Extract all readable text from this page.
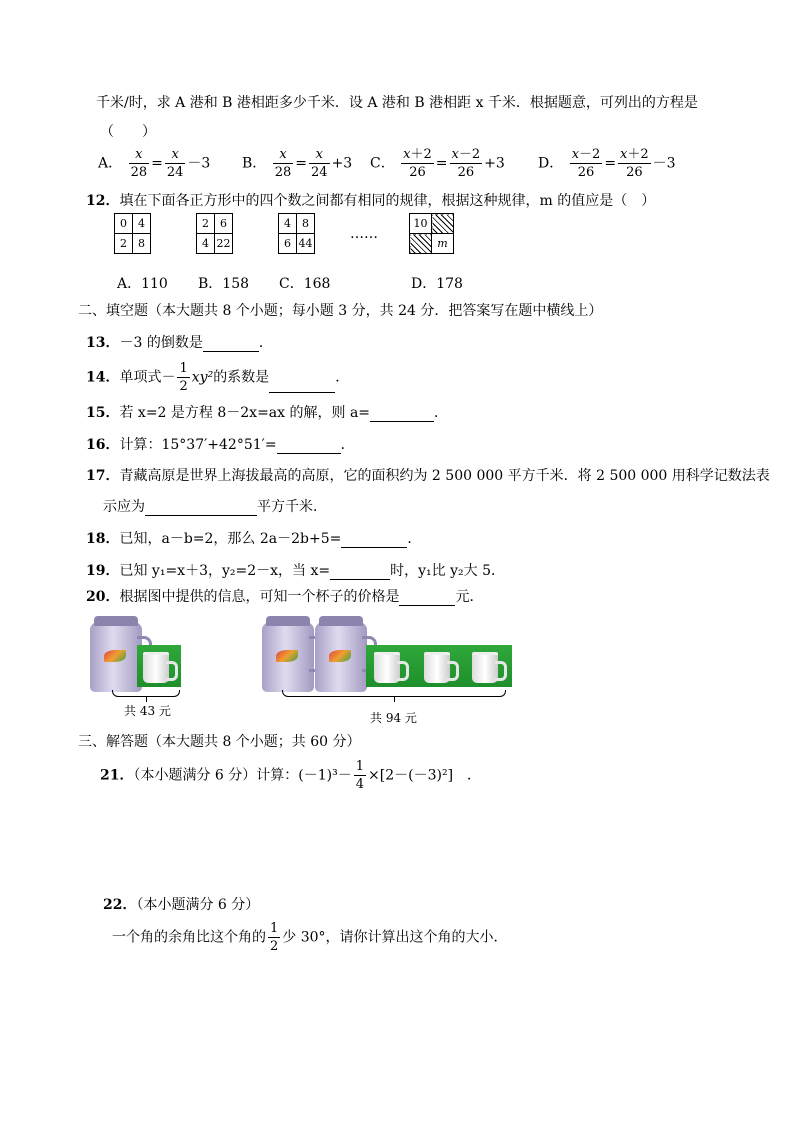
千米/时，求 A 港和 B 港相距多少千米．设 A 港和 B 港相距 x 千米．根据题意，可列出的方程是
（　　）
A． $\frac{x}{28} = \frac{x}{24} -3$ B． $\frac{x}{28} = \frac{x}{24} +3$ C． $\frac{x+2}{26} = \frac{x-2}{26} +3$ D． $\frac{x-2}{26} = \frac{x+2}{26} -3$
12．填在下面各正方形中的四个数之间都有相同的规律，根据这种规律，m 的值应是（　）
0	4
2	8
2	6
4	22
4	8
6	44
……
10	
	m
A．110 B．158 C．168	D．178
二、填空题（本大题共 8 个小题；每小题 3 分，共 24 分．把答案写在题中横线上）
13．－3 的倒数是	．
14．单项式－ $\frac{1}{2} xy^2$的系数是	．
15．若 x=2 是方程 8－2x=ax 的解，则 a=	．
16．计算：15°37′+42°51′=	．
17．青藏高原是世界上海拔最高的高原，它的面积约为 2 500 000 平方千米．将 2 500 000 用科学记数法表
示应为	平方千米．
18．已知，a－b=2，那么 2a－2b+5=	．
19．已知 y₁=x＋3，y₂=2－x，当 x=	时，y₁比 y₂大 5．
20．根据图中提供的信息，可知一个杯子的价格是	元．
共 43 元	共 94 元
三、解答题（本大题共 8 个小题；共 60 分）
21．（本小题满分 6 分）计算：$(-1)^3- \frac{1}{4} \times[2-(-3)^2]$　．
22．（本小题满分 6 分）
一个角的余角比这个角的 $\frac{1}{2}$ 少 30°，请你计算出这个角的大小．
